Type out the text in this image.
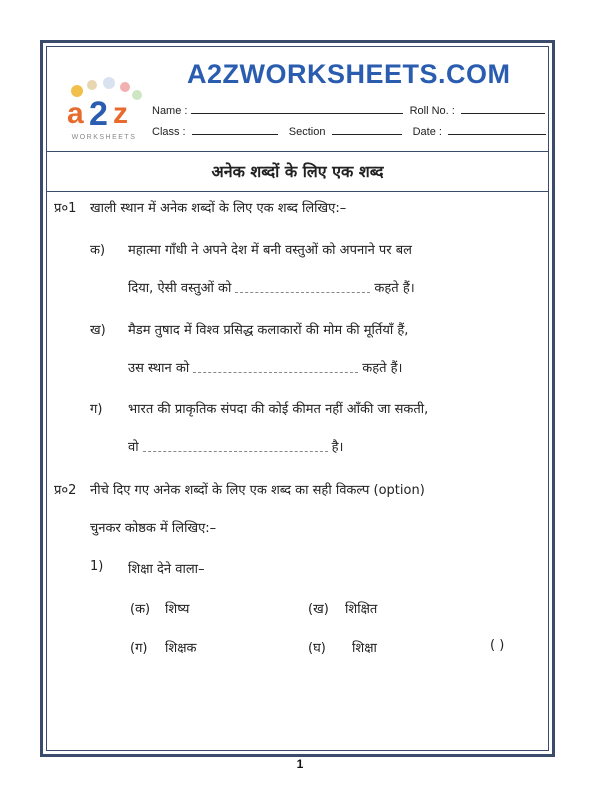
a 2 z
WORKSHEETS
A2ZWORKSHEETS.COM
Name :	Roll No. :
Class :	Section	Date :
अनेक शब्दों के लिए एक शब्द
प्र०1 खाली स्थान में अनेक शब्दों के लिए एक शब्द लिखिए:–
क) महात्मा गाँधी ने अपने देश में बनी वस्तुओं को अपनाने पर बल
दिया, ऐसी वस्तुओं को	कहते हैं।
ख) मैडम तुषाद में विश्व प्रसिद्ध कलाकारों की मोम की मूर्तियाँ हैं,
उस स्थान को	कहते हैं।
ग) भारत की प्राकृतिक संपदा की कोई कीमत नहीं आँकी जा सकती,
वो	है।
प्र०2 नीचे दिए गए अनेक शब्दों के लिए एक शब्द का सही विकल्प (option)
चुनकर कोष्ठक में लिखिए:–
1) शिक्षा देने वाला–
(क) शिष्य	(ख) शिक्षित
(ग) शिक्षक	(घ) शिक्षा	( )
1
